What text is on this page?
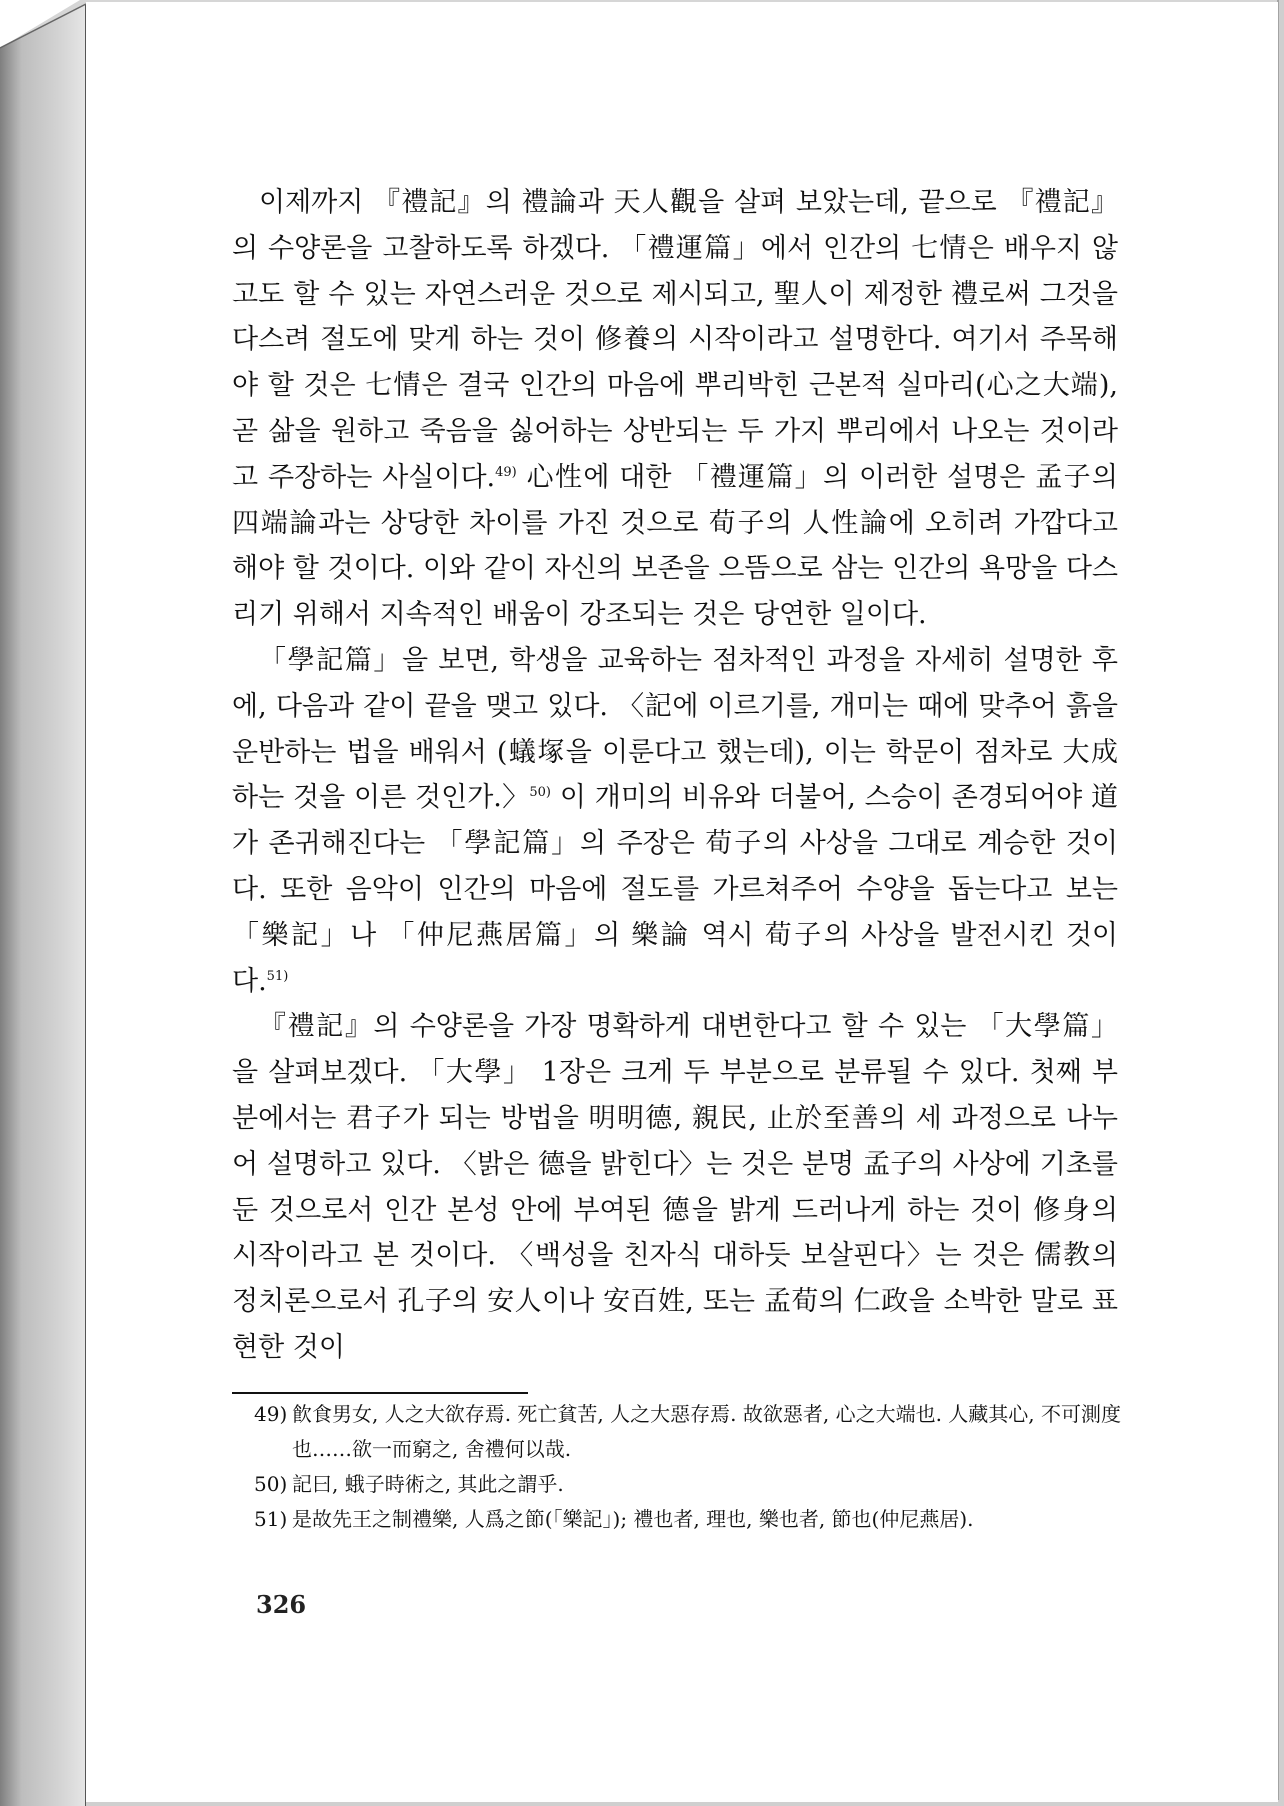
이제까지 『禮記』의 禮論과 天人觀을 살펴 보았는데, 끝으로 『禮記』의 수양론을 고찰하도록 하겠다. 「禮運篇」에서 인간의 七情은 배우지 않고도 할 수 있는 자연스러운 것으로 제시되고, 聖人이 제정한 禮로써 그것을 다스려 절도에 맞게 하는 것이 修養의 시작이라고 설명한다. 여기서 주목해야 할 것은 七情은 결국 인간의 마음에 뿌리박힌 근본적 실마리(心之大端), 곧 삶을 원하고 죽음을 싫어하는 상반되는 두 가지 뿌리에서 나오는 것이라고 주장하는 사실이다.$^{49)}$ 心性에 대한 「禮運篇」의 이러한 설명은 孟子의 四端論과는 상당한 차이를 가진 것으로 荀子의 人性論에 오히려 가깝다고 해야 할 것이다. 이와 같이 자신의 보존을 으뜸으로 삼는 인간의 욕망을 다스리기 위해서 지속적인 배움이 강조되는 것은 당연한 일이다.

「學記篇」을 보면, 학생을 교육하는 점차적인 과정을 자세히 설명한 후에, 다음과 같이 끝을 맺고 있다. 〈記에 이르기를, 개미는 때에 맞추어 흙을 운반하는 법을 배워서 (蟻塚을 이룬다고 했는데), 이는 학문이 점차로 大成하는 것을 이른 것인가.〉$^{50)}$ 이 개미의 비유와 더불어, 스승이 존경되어야 道가 존귀해진다는 「學記篇」의 주장은 荀子의 사상을 그대로 계승한 것이다. 또한 음악이 인간의 마음에 절도를 가르쳐주어 수양을 돕는다고 보는 「樂記」나 「仲尼燕居篇」의 樂論 역시 荀子의 사상을 발전시킨 것이다.$^{51)}$

『禮記』의 수양론을 가장 명확하게 대변한다고 할 수 있는 「大學篇」을 살펴보겠다. 「大學」 1장은 크게 두 부분으로 분류될 수 있다. 첫째 부분에서는 君子가 되는 방법을 明明德, 親民, 止於至善의 세 과정으로 나누어 설명하고 있다. 〈밝은 德을 밝힌다〉는 것은 분명 孟子의 사상에 기초를 둔 것으로서 인간 본성 안에 부여된 德을 밝게 드러나게 하는 것이 修身의 시작이라고 본 것이다. 〈백성을 친자식 대하듯 보살핀다〉는 것은 儒教의 정치론으로서 孔子의 安人이나 安百姓, 또는 孟荀의 仁政을 소박한 말로 표현한 것이

49) 飮食男女, 人之大欲存焉. 死亡貧苦, 人之大惡存焉. 故欲惡者, 心之大端也. 人藏其心, 不可測度也……欲一而窮之, 舍禮何以哉.
50) 記曰, 蛾子時術之, 其此之謂乎.
51) 是故先王之制禮樂, 人爲之節(「樂記」); 禮也者, 理也, 樂也者, 節也(仲尼燕居).
326
